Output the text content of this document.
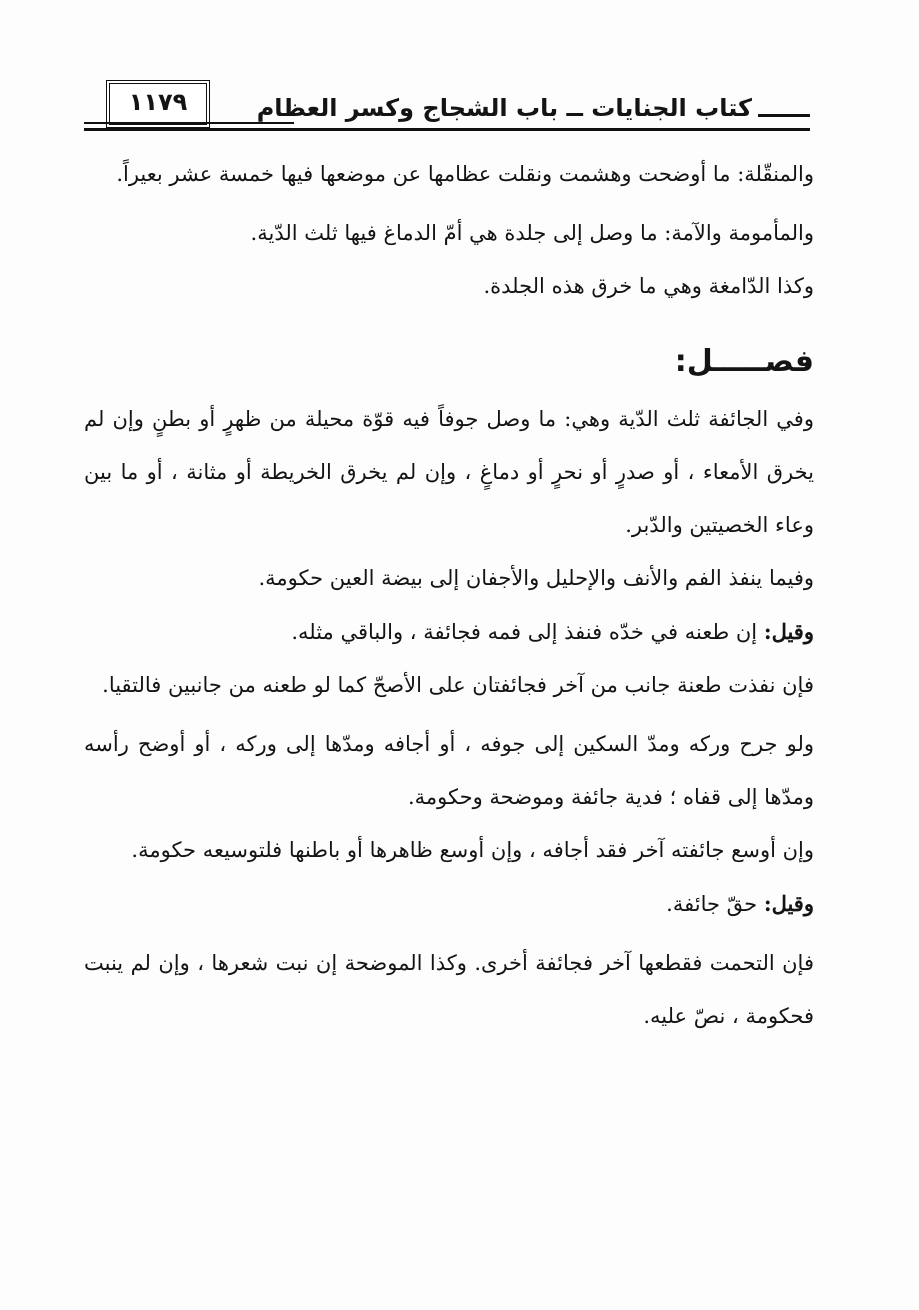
١١٧٩	كتاب الجنايات ــ باب الشجاج وكسر العظام

والمنقّلة: ما أوضحت وهشمت ونقلت عظامها عن موضعها فيها خمسة عشر بعيراً.

والمأمومة والآمة: ما وصل إلى جلدة هي أمّ الدماغ فيها ثلث الدّية.

وكذا الدّامغة وهي ما خرق هذه الجلدة.

فصـــــل:

وفي الجائفة ثلث الدّية وهي: ما وصل جوفاً فيه قوّة محيلة من ظهرٍ أو بطنٍ وإن لم يخرق الأمعاء ، أو صدرٍ أو نحرٍ أو دماغٍ ، وإن لم يخرق الخريطة أو مثانة ، أو ما بين وعاء الخصيتين والدّبر.

وفيما ينفذ الفم والأنف والإحليل والأجفان إلى بيضة العين حكومة.

وقيل: إن طعنه في خدّه فنفذ إلى فمه فجائفة ، والباقي مثله.

فإن نفذت طعنة جانب من آخر فجائفتان على الأصحّ كما لو طعنه من جانبين فالتقيا.

ولو جرح وركه ومدّ السكين إلى جوفه ، أو أجافه ومدّها إلى وركه ، أو أوضح رأسه ومدّها إلى قفاه ؛ فدية جائفة وموضحة وحكومة.

وإن أوسع جائفته آخر فقد أجافه ، وإن أوسع ظاهرها أو باطنها فلتوسيعه حكومة.

وقيل: حقّ جائفة.

فإن التحمت فقطعها آخر فجائفة أخرى. وكذا الموضحة إن نبت شعرها ، وإن لم ينبت فحكومة ، نصّ عليه.
